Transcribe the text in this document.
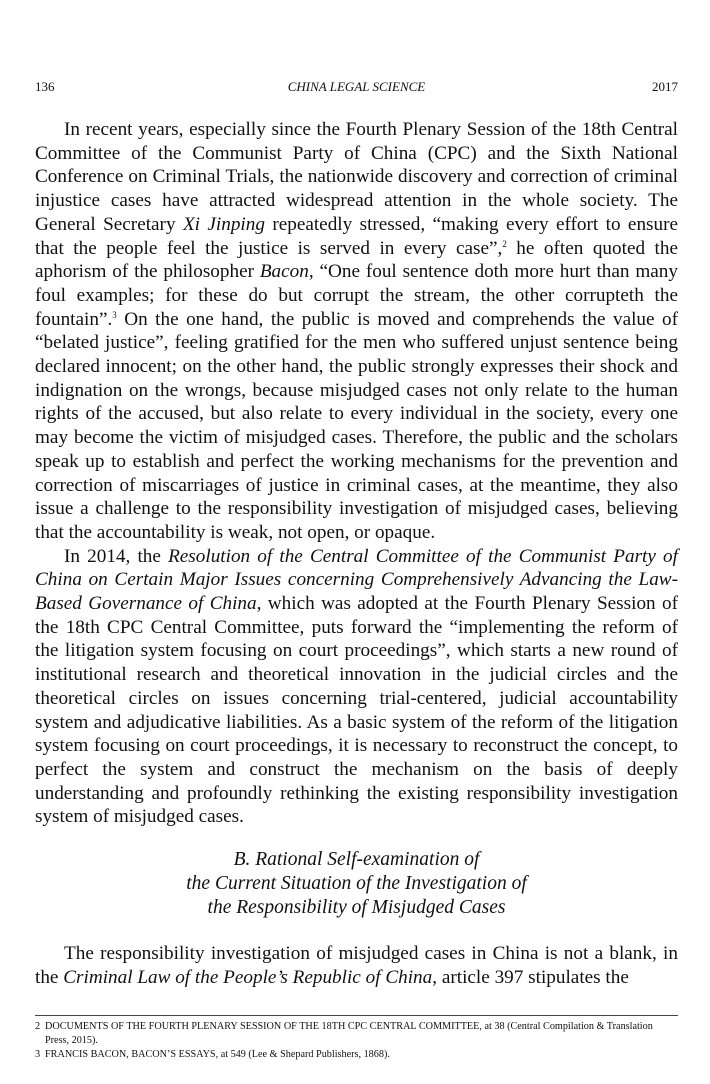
136	CHINA LEGAL SCIENCE	2017

In recent years, especially since the Fourth Plenary Session of the 18th Central Committee of the Communist Party of China (CPC) and the Sixth National Conference on Criminal Trials, the nationwide discovery and correction of criminal injustice cases have attracted widespread attention in the whole society. The General Secretary Xi Jinping repeatedly stressed, “making every effort to ensure that the people feel the justice is served in every case”,$^2$ he often quoted the aphorism of the philosopher Bacon, “One foul sentence doth more hurt than many foul examples; for these do but corrupt the stream, the other corrupteth the fountain”.$^3$ On the one hand, the public is moved and comprehends the value of “belated justice”, feeling gratified for the men who suffered unjust sentence being declared innocent; on the other hand, the public strongly expresses their shock and indignation on the wrongs, because misjudged cases not only relate to the human rights of the accused, but also relate to every individual in the society, every one may become the victim of misjudged cases. Therefore, the public and the scholars speak up to establish and perfect the working mechanisms for the prevention and correction of miscarriages of justice in criminal cases, at the meantime, they also issue a challenge to the responsibility investigation of misjudged cases, believing that the accountability is weak, not open, or opaque.

In 2014, the Resolution of the Central Committee of the Communist Party of China on Certain Major Issues concerning Comprehensively Advancing the Law-Based Governance of China, which was adopted at the Fourth Plenary Session of the 18th CPC Central Committee, puts forward the “implementing the reform of the litigation system focusing on court proceedings”, which starts a new round of institutional research and theoretical innovation in the judicial circles and the theoretical circles on issues concerning trial-centered, judicial accountability system and adjudicative liabilities. As a basic system of the reform of the litigation system focusing on court proceedings, it is necessary to reconstruct the concept, to perfect the system and construct the mechanism on the basis of deeply understanding and profoundly rethinking the existing responsibility investigation system of misjudged cases.

B. Rational Self-examination of
the Current Situation of the Investigation of
the Responsibility of Misjudged Cases

The responsibility investigation of misjudged cases in China is not a blank, in the Criminal Law of the People’s Republic of China, article 397 stipulates the

2 DOCUMENTS OF THE FOURTH PLENARY SESSION OF THE 18TH CPC CENTRAL COMMITTEE, at 38 (Central Compilation & Translation Press, 2015).
3 FRANCIS BACON, BACON’S ESSAYS, at 549 (Lee & Shepard Publishers, 1868).
